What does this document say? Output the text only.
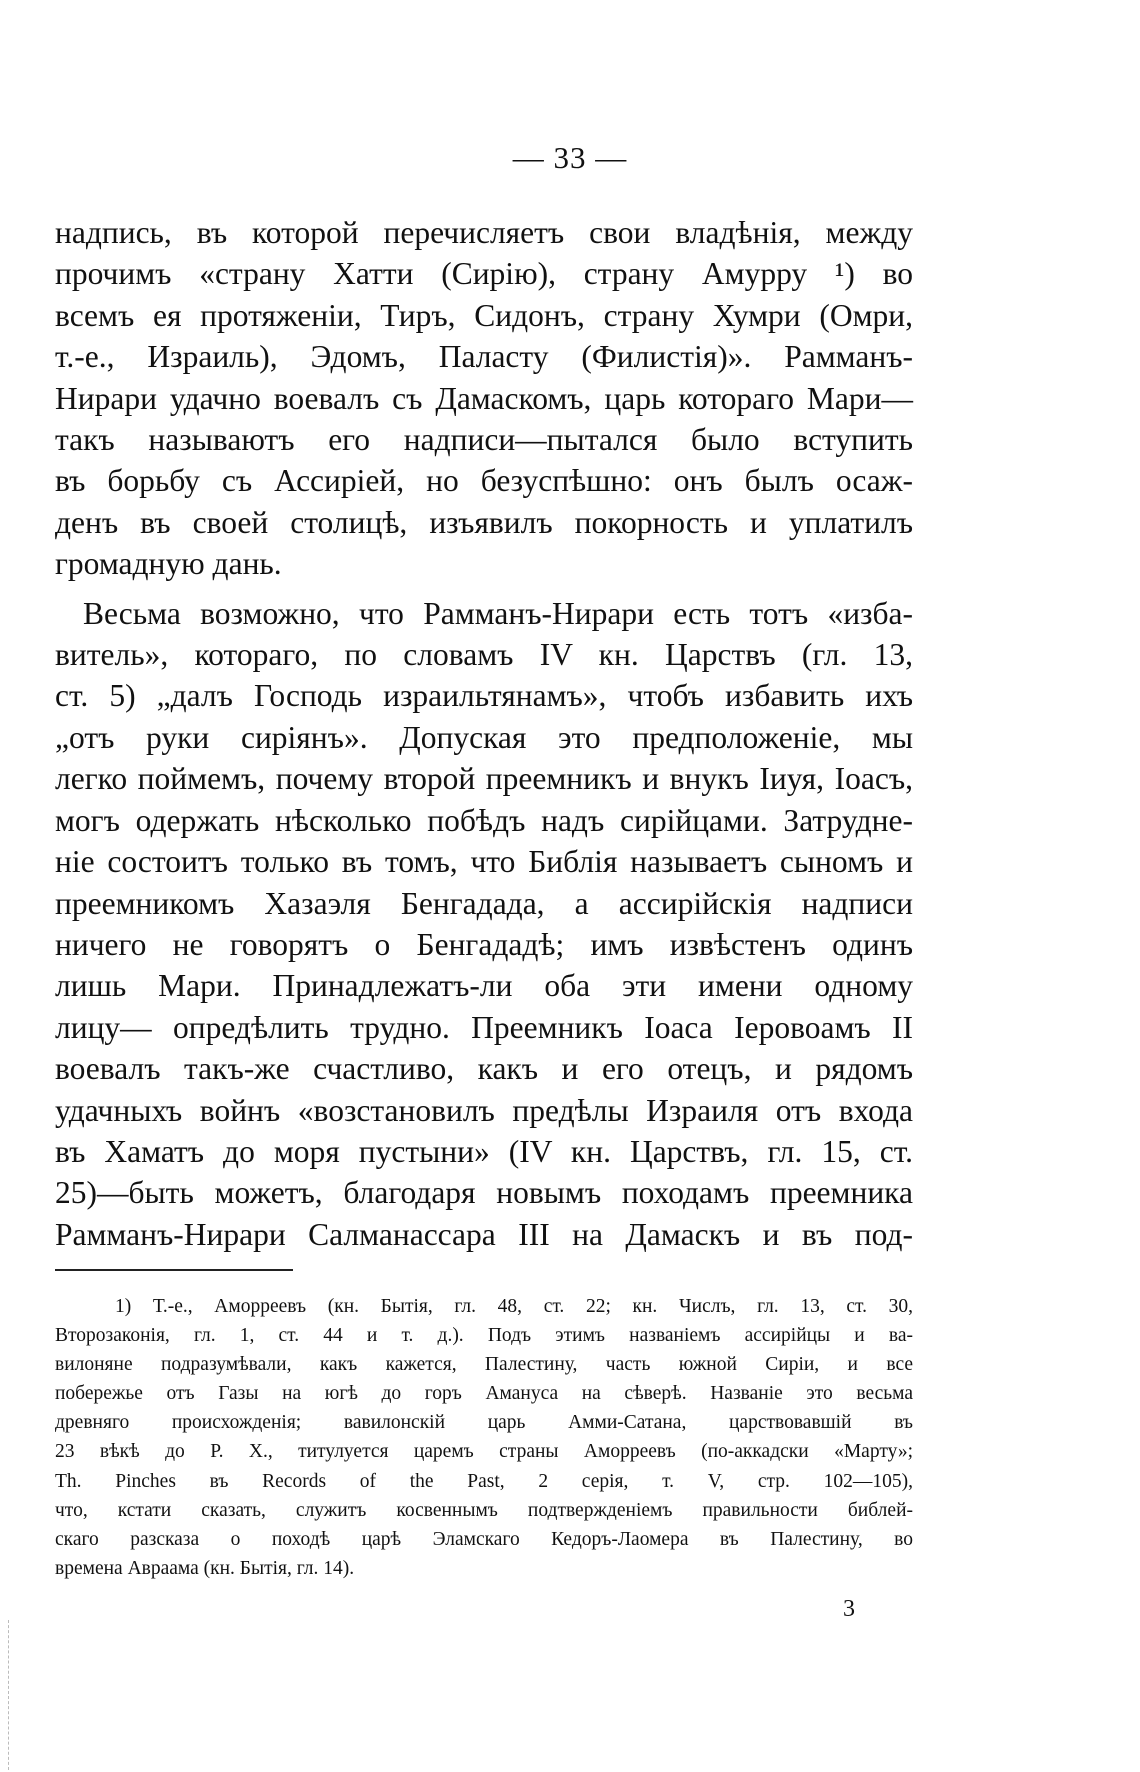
— 33 —
надпись, въ которой перечисляетъ свои владѣнія, между
прочимъ «страну Хатти (Сирію), страну Амурру ¹) во
всемъ ея протяженіи, Тиръ, Сидонъ, страну Хумри (Омри,
т.-е., Израиль), Эдомъ, Паласту (Филистія)». Рамманъ-
Нирари удачно воевалъ съ Дамаскомъ, царь котораго Мари—
такъ называютъ его надписи—пытался было вступить
въ борьбу съ Ассиріей, но безуспѣшно: онъ былъ осаж-
денъ въ своей столицѣ, изъявилъ покорность и уплатилъ
громадную дань.
Весьма возможно, что Рамманъ-Нирари есть тотъ «изба-
витель», котораго, по словамъ IV кн. Царствъ (гл. 13,
ст. 5) „далъ Господь израильтянамъ», чтобъ избавить ихъ
„отъ руки сиріянъ». Допуская это предположеніе, мы
легко поймемъ, почему второй преемникъ и внукъ Іиуя, Іоасъ,
могъ одержать нѣсколько побѣдъ надъ сирійцами. Затрудне-
ніе состоитъ только въ томъ, что Библія называетъ сыномъ и
преемникомъ Хазаэля Бенгадада, а ассирійскія надписи
ничего не говорятъ о Бенгададѣ; имъ извѣстенъ одинъ
лишь Мари. Принадлежатъ-ли оба эти имени одному
лицу— опредѣлить трудно. Преемникъ Іоаса Іеровоамъ II
воевалъ такъ-же счастливо, какъ и его отецъ, и рядомъ
удачныхъ войнъ «возстановилъ предѣлы Израиля отъ входа
въ Хаматъ до моря пустыни» (IV кн. Царствъ, гл. 15, ст.
25)—быть можетъ, благодаря новымъ походамъ преемника
Рамманъ-Нирари Салманассара III на Дамаскъ и въ под-
1) Т.-е., Аморреевъ (кн. Бытія, гл. 48, ст. 22; кн. Числъ, гл. 13, ст. 30,
Второзаконія, гл. 1, ст. 44 и т. д.). Подъ этимъ названіемъ ассирійцы и ва-
вилоняне подразумѣвали, какъ кажется, Палестину, часть южной Сиріи, и все
побережье отъ Газы на югѣ до горъ Амануса на сѣверѣ. Названіе это весьма
древняго происхожденія; вавилонскій царь Амми-Сатана, царствовавшій въ
23 вѣкѣ до Р. Х., титулуется царемъ страны Аморреевъ (по-аккадски «Марту»;
Th. Pinches въ Records of the Past, 2 серія, т. V, стр. 102—105),
что, кстати сказать, служитъ косвеннымъ подтвержденіемъ правильности библей-
скаго разсказа о походѣ царѣ Эламскаго Кедоръ-Лаомера въ Палестину, во
времена Авраама (кн. Бытія, гл. 14).
3
